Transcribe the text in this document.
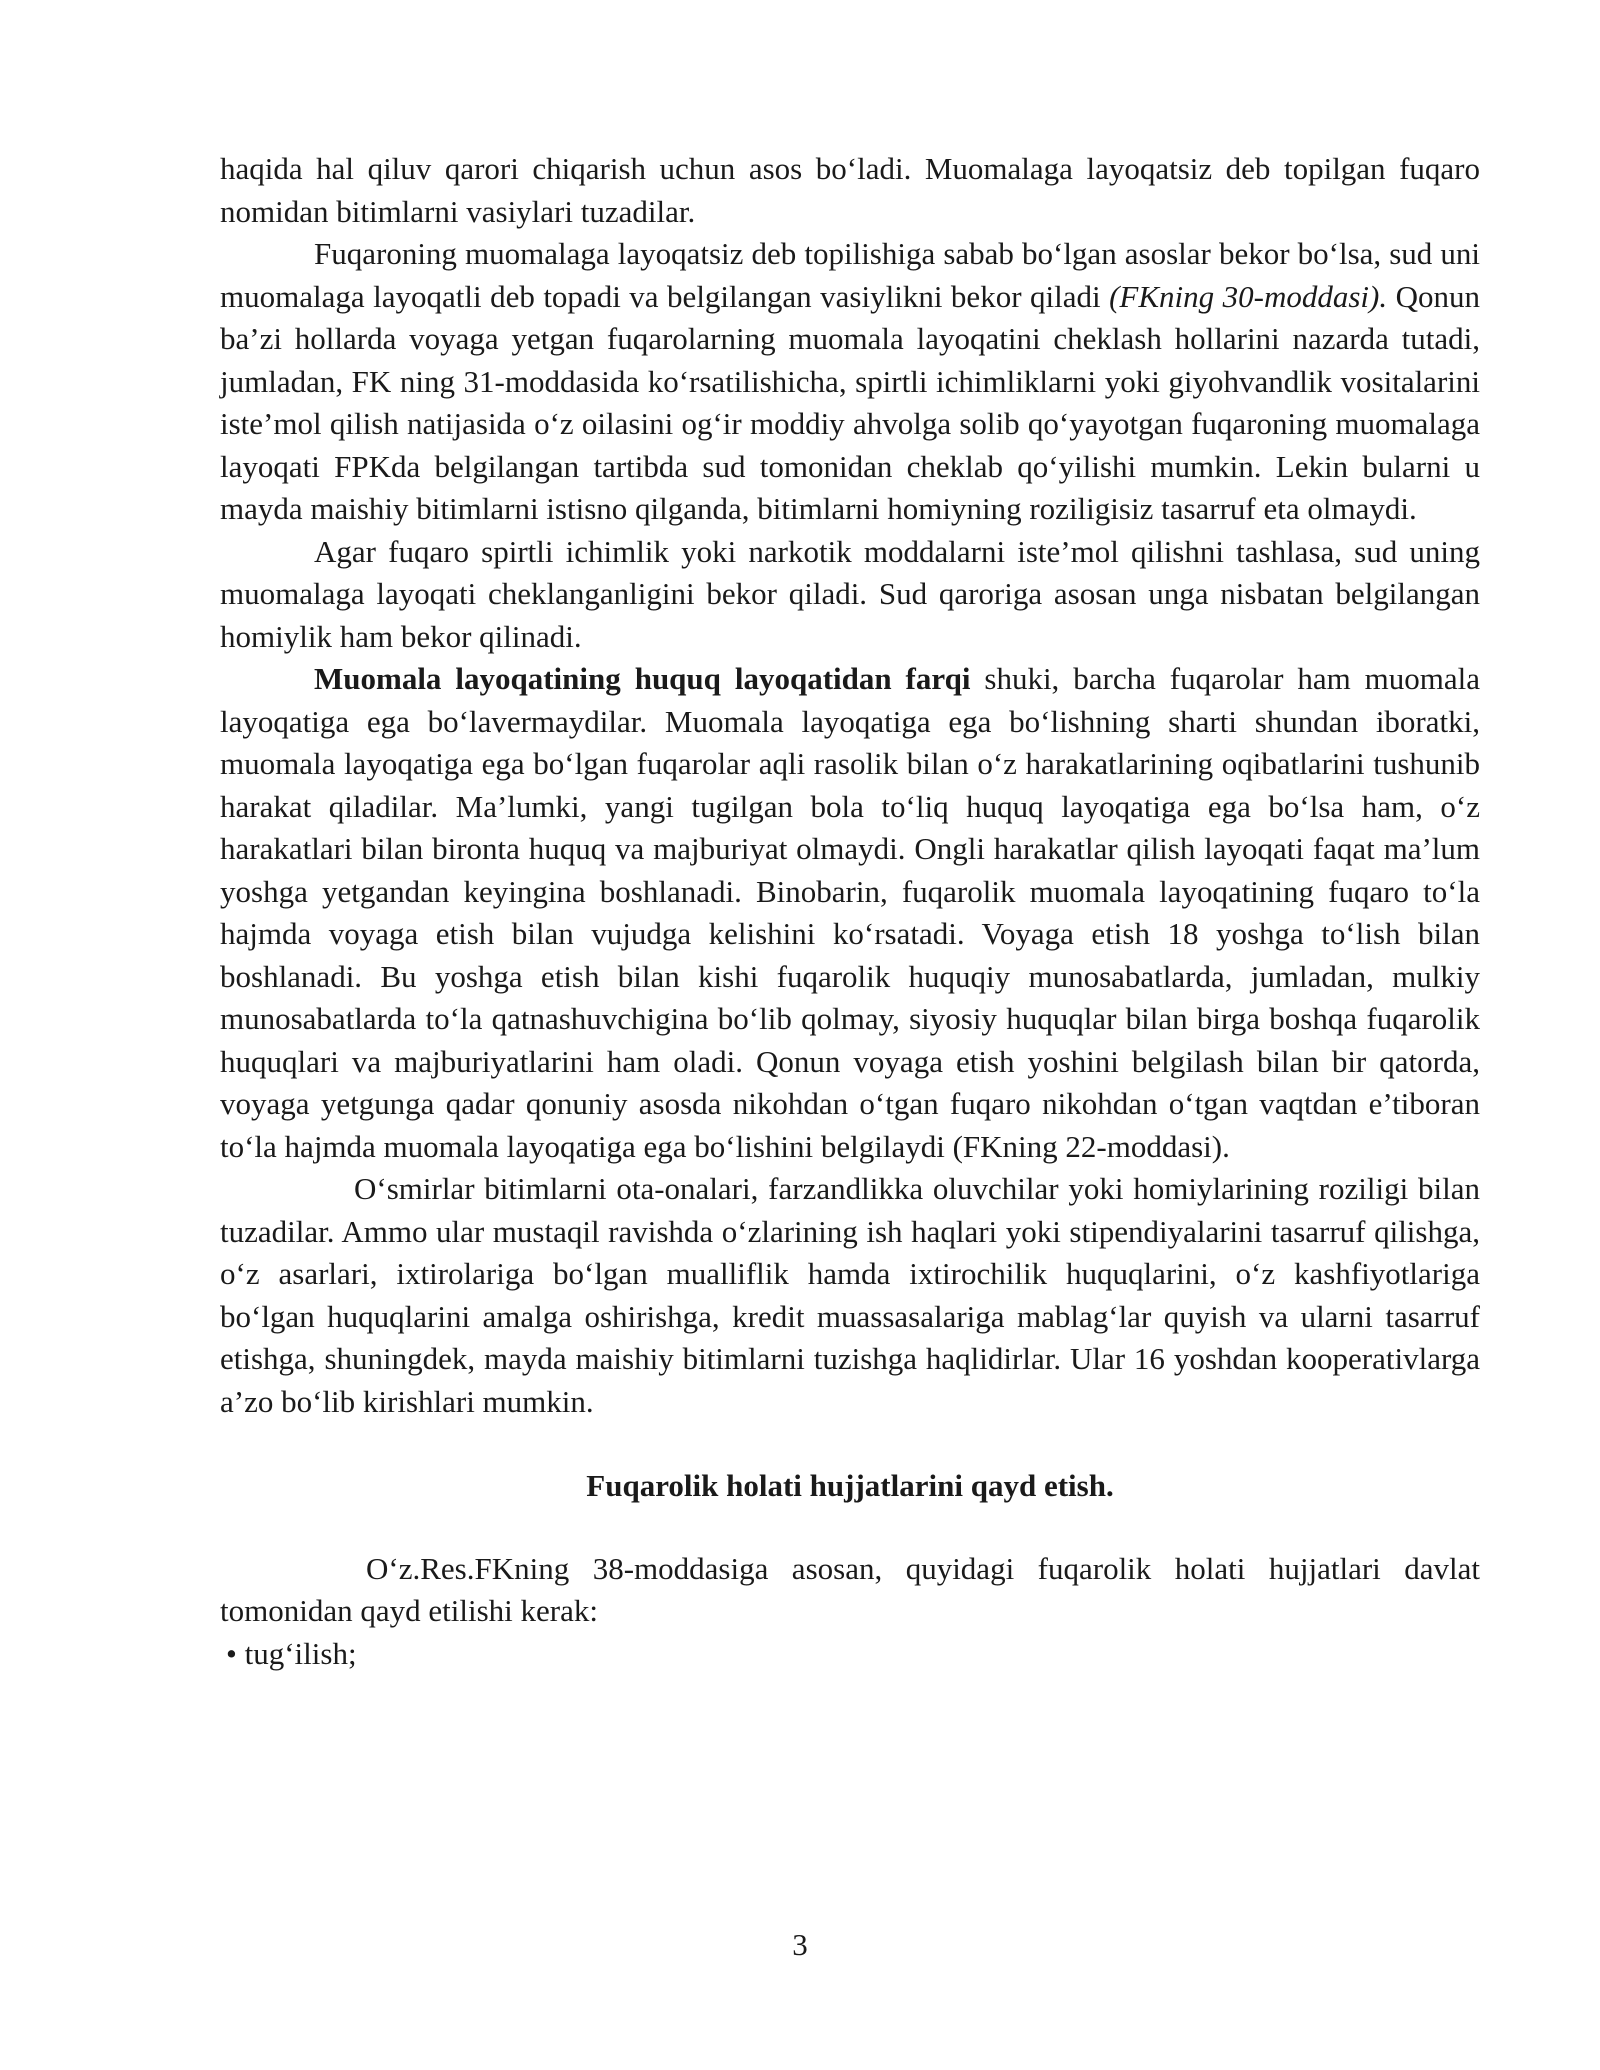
haqida hal qiluv qarori chiqarish uchun asos bo‘ladi. Muomalaga layoqatsiz deb topilgan fuqaro nomidan bitimlarni vasiylari tuzadilar.

Fuqaroning muomalaga layoqatsiz deb topilishiga sabab bo‘lgan asoslar bekor bo‘lsa, sud uni muomalaga layoqatli deb topadi va belgilangan vasiylikni bekor qiladi (FKning 30-moddasi). Qonun ba’zi hollarda voyaga yetgan fuqarolarning muomala layoqatini cheklash hollarini nazarda tutadi, jumladan, FK ning 31-moddasida ko‘rsatilishicha, spirtli ichimliklarni yoki giyohvandlik vositalarini iste’mol qilish natijasida o‘z oilasini og‘ir moddiy ahvolga solib qo‘yayotgan fuqaroning muomalaga layoqati FPKda belgilangan tartibda sud tomonidan cheklab qo‘yilishi mumkin. Lekin bularni u mayda maishiy bitimlarni istisno qilganda, bitimlarni homiyning roziligisiz tasarruf eta olmaydi.

Agar fuqaro spirtli ichimlik yoki narkotik moddalarni iste’mol qilishni tashlasa, sud uning muomalaga layoqati cheklanganligini bekor qiladi. Sud qaroriga asosan unga nisbatan belgilangan homiylik ham bekor qilinadi.

Muomala layoqatining huquq layoqatidan farqi shuki, barcha fuqarolar ham muomala layoqatiga ega bo‘lavermaydilar. Muomala layoqatiga ega bo‘lishning sharti shundan iboratki, muomala layoqatiga ega bo‘lgan fuqarolar aqli rasolik bilan o‘z harakatlarining oqibatlarini tushunib harakat qiladilar. Ma’lumki, yangi tugilgan bola to‘liq huquq layoqatiga ega bo‘lsa ham, o‘z harakatlari bilan bironta huquq va majburiyat olmaydi. Ongli harakatlar qilish layoqati faqat ma’lum yoshga yetgandan keyingina boshlanadi. Binobarin, fuqarolik muomala layoqatining fuqaro to‘la hajmda voyaga etish bilan vujudga kelishini ko‘rsatadi. Voyaga etish 18 yoshga to‘lish bilan boshlanadi. Bu yoshga etish bilan kishi fuqarolik huquqiy munosabatlarda, jumladan, mulkiy munosabatlarda to‘la qatnashuvchigina bo‘lib qolmay, siyosiy huquqlar bilan birga boshqa fuqarolik huquqlari va majburiyatlarini ham oladi. Qonun voyaga etish yoshini belgilash bilan bir qatorda, voyaga yetgunga qadar qonuniy asosda nikohdan o‘tgan fuqaro nikohdan o‘tgan vaqtdan e’tiboran to‘la hajmda muomala layoqatiga ega bo‘lishini belgilaydi (FKning 22-moddasi).

O‘smirlar bitimlarni ota-onalari, farzandlikka oluvchilar yoki homiylarining roziligi bilan tuzadilar. Ammo ular mustaqil ravishda o‘zlarining ish haqlari yoki stipendiyalarini tasarruf qilishga, o‘z asarlari, ixtirolariga bo‘lgan mualliflik hamda ixtirochilik huquqlarini, o‘z kashfiyotlariga bo‘lgan huquqlarini amalga oshirishga, kredit muassasalariga mablag‘lar quyish va ularni tasarruf etishga, shuningdek, mayda maishiy bitimlarni tuzishga haqlidirlar. Ular 16 yoshdan kooperativlarga a’zo bo‘lib kirishlari mumkin.

Fuqarolik holati hujjatlarini qayd etish.

O‘z.Res.FKning 38-moddasiga asosan, quyidagi fuqarolik holati hujjatlari davlat tomonidan qayd etilishi kerak:

• tug‘ilish;

3
